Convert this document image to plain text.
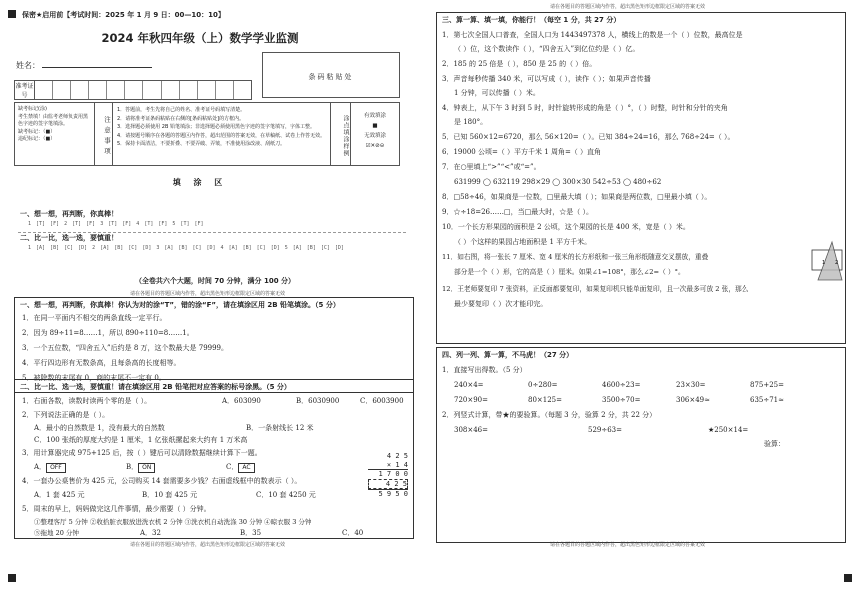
保密★启用前【考试时间：2025 年 1 月 9 日：00—10：10】
2024 年秋四年级（上）数学学业监测
姓名：
条码粘贴处
准考证号
缺考标记(涂)
考生禁填！由监考老师负责用黑色字迹的签字笔填涂。
缺考标记：（■）
违纪标记：（■）	注意事项
1．答题前，考生先将自己的姓名、准考证号码填写清楚。
2．请将准考证条码粘贴在右侧的[条码粘贴处]的方框内。
3．选择题必须使用 2B 铅笔填涂；非选择题必须使用黑色字迹的签字笔填写，字体工整。
4．请按题号顺序在各题的答题区内作答，超出范围的答案无效，在草稿纸、试卷上作答无效。
5．保持卡面清洁，不要折叠、不要弄破、弄皱，不准使用涂改液、刮纸刀。	涂点填涂样例	有效填涂
■
无效填涂
☑✕⊘⊝
填 涂 区
一、想一想，再判断，你真棒！
1 [T] [F] 2 [T] [F] 3 [T] [F] 4 [T] [F] 5 [T] [F]
二、比一比，选一选，要慎重！
1 [A] [B] [C] [D] 2 [A] [B] [C] [D] 3 [A] [B] [C] [D] 4 [A] [B] [C] [D] 5 [A] [B] [C] [D]
（全卷共六个大题，时间 70 分钟，满分 100 分）
请在各题目的答题区域内作答，超出黑色矩形边框限定区域的答案无效
一、想一想，再判断，你真棒！你认为对的涂“T”，错的涂“F”，请在填涂区用 2B 铅笔填涂。（5 分）
1．在同一平面内不相交的两条直线一定平行。
2．因为 89÷11=8……1，所以 890÷110=8……1。
3．一个五位数，“四舍五入”后约是 8 万，这个数最大是 79999。
4．平行四边形有无数条高，且每条高的长度相等。
5．被除数的末尾有 0，商的末尾不一定有 0。
二、比一比、选一选，要慎重！请在填涂区用 2B 铅笔把对应答案的标号涂黑。（5 分）
1．右面各数，读数时读两个零的是（ ）。	A．603090	B．6030900	C．6003900
2．下列说法正确的是（ ）。
A．最小的自然数是 1，没有最大的自然数	B．一条射线长 12 米
C．100 张纸的厚度大约是 1 厘米，1 亿张纸摞起来大约有 1 万米高
3．用计算器完成 975+125 后，按（ ）键后可以清除数据继续计算下一题。
A． OFF	B． ON	C． AC
4．一套办公桌售价为 425 元，公司购买 14 套需要多少钱？右面虚线框中的数表示（ ）。
A．1 套 425 元	B．10 套 425 元	C．10 套 4250 元
4 2 5
× 1 4
1 7 0 0
4 2 5
5 9 5 0
5．周末的早上，妈妈做完这几件事情，最少需要（ ）分钟。
①整理客厅 5 分钟 ②收拾脏衣服放进洗衣机 2 分钟 ③洗衣机自动洗涤 30 分钟 ④晾衣服 3 分钟
⑤拖地 20 分钟	A．32	B．35	C．40
请在各题目的答题区域内作答，超出黑色矩形边框限定区域的答案无效
请在各题目的答题区域内作答，超出黑色矩形边框限定区域的答案无效
三、算一算、填一填，你能行！（每空 1 分，共 27 分）
1．第七次全国人口普查，全国人口为 1443497378 人，横线上的数是一个（ ）位数，最高位是
（ ）位，这个数读作（ ），“四舍五入”到亿位约是（ ）亿。
2．185 的 25 倍是（ ），850 是 25 的（ ）倍。
3．声音每秒传播 340 米，可以写成（ ），读作（ ）；如果声音传播
1 分钟，可以传播（ ）米。
4．钟表上，从下午 3 时到 5 时，时针旋转形成的角是（ ）°，（ ）时整，时针和分针的夹角
是 180°。
5．已知 560×12=6720，那么 56×120=（ ）。已知 384÷24=16，那么 768÷24=（ ）。
6．19000 公顷=（ ）平方千米 1 周角=（ ）直角
7．在○里填上“>”“<”或“=”。
631999 ◯ 632119 298×29 ◯ 300×30 542÷53 ◯ 480÷62
8．□58÷46，如果商是一位数，□里最大填（ ）；如果商是两位数，□里最小填（ ）。
9．☆÷18=26……□，当□最大时，☆是（ ）。
10．一个长方形果园的面积是 2 公顷，这个果园的长是 400 米，宽是（ ）米。
（ ）个这样的果园占地面积是 1 平方千米。
11．如右图，将一张长 7 厘米、宽 4 厘米的长方形纸和一张三角形纸随意交叉摆放，重叠
部分是一个（ ）形，它的高是（ ）厘米。如果∠1=108°，那么∠2=（ ）°。
12．王老师要复印 7 张资料，正反面都要复印，如果复印机只能单面复印，且一次最多可放 2 张，那么
最少要复印（ ）次才能印完。
1 2
四、列一列、算一算，不马虎！（27 分）
1．直接写出得数。（5 分）
240×4=	0÷280=	4600÷23=	23×30=	875+25=
720×90=	80×125=	3500÷70=	306×49≈	635÷71≈
2．列竖式计算，带★的要验算。（每题 3 分，验算 2 分，共 22 分）
308×46=	529÷63=	★250×14=
验算：
请在各题目的答题区域内作答，超出黑色矩形边框限定区域的答案无效
